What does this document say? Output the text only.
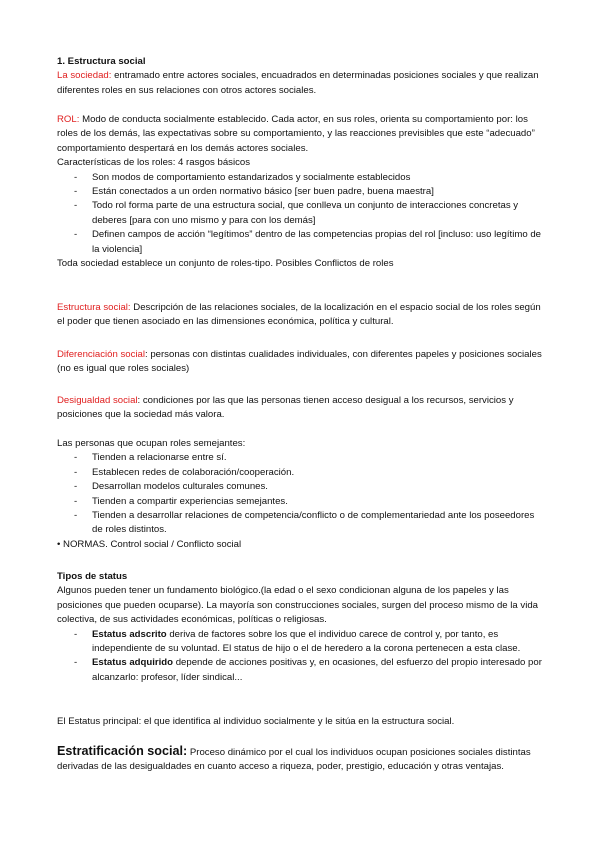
1. Estructura social

La sociedad: entramado entre actores sociales, encuadrados en determinadas posiciones sociales y que realizan diferentes roles en sus relaciones con otros actores sociales.

ROL: Modo de conducta socialmente establecido. Cada actor, en sus roles, orienta su comportamiento por: los roles de los demás, las expectativas sobre su comportamiento, y las reacciones previsibles que este “adecuado” comportamiento despertará en los demás actores sociales.

Características de los roles: 4 rasgos básicos

- Son modos de comportamiento estandarizados y socialmente establecidos
- Están conectados a un orden normativo básico [ser buen padre, buena maestra]
- Todo rol forma parte de una estructura social, que conlleva un conjunto de interacciones concretas y deberes [para con uno mismo y para con los demás]
- Definen campos de acción “legítimos” dentro de las competencias propias del rol [incluso: uso legítimo de la violencia]

Toda sociedad establece un conjunto de roles-tipo. Posibles Conflictos de roles

Estructura social: Descripción de las relaciones sociales, de la localización en el espacio social de los roles según el poder que tienen asociado en las dimensiones económica, política y cultural.

Diferenciación social: personas con distintas cualidades individuales, con diferentes papeles y posiciones sociales (no es igual que roles sociales)

Desigualdad social: condiciones por las que las personas tienen acceso desigual a los recursos, servicios y posiciones que la sociedad más valora.

Las personas que ocupan roles semejantes:

- Tienden a relacionarse entre sí.
- Establecen redes de colaboración/cooperación.
- Desarrollan modelos culturales comunes.
- Tienden a compartir experiencias semejantes.
- Tienden a desarrollar relaciones de competencia/conflicto o de complementariedad ante los poseedores de roles distintos.

• NORMAS. Control social / Conflicto social

Tipos de status

Algunos pueden tener un fundamento biológico.(la edad o el sexo condicionan alguna de los papeles y las posiciones que pueden ocuparse). La mayoría son construcciones sociales, surgen del proceso mismo de la vida colectiva, de sus actividades económicas, políticas o religiosas.

- Estatus adscrito deriva de factores sobre los que el individuo carece de control y, por tanto, es independiente de su voluntad. El status de hijo o el de heredero a la corona pertenecen a esta clase.
- Estatus adquirido depende de acciones positivas y, en ocasiones, del esfuerzo del propio interesado por alcanzarlo: profesor, líder sindical...

El Estatus principal: el que identifica al individuo socialmente y le sitúa en la estructura social.

Estratificación social: Proceso dinámico por el cual los individuos ocupan posiciones sociales distintas derivadas de las desigualdades en cuanto acceso a riqueza, poder, prestigio, educación y otras ventajas.
